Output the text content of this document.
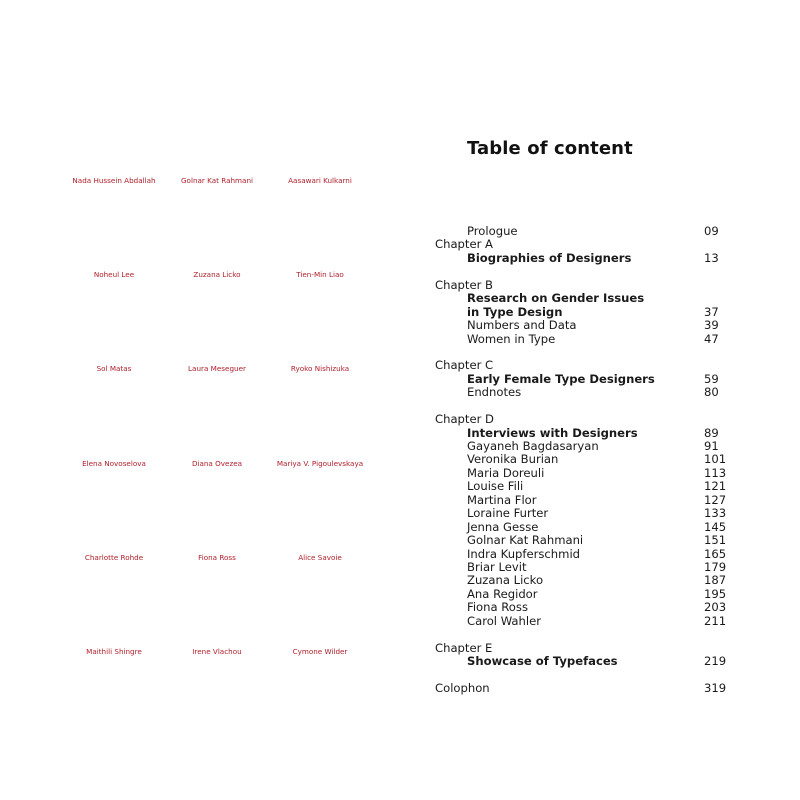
Nada Hussein Abdallah	Golnar Kat Rahmani	Aasawari Kulkarni
Noheul Lee	Zuzana Licko	Tien-Min Liao
Sol Matas	Laura Meseguer	Ryoko Nishizuka
Elena Novoselova	Diana Ovezea	Mariya V. Pigoulevskaya
Charlotte Rohde	Fiona Ross	Alice Savoie
Maithili Shingre	Irene Vlachou	Cymone Wilder
Table of content
Prologue	09
Chapter A
Biographies of Designers	13
Chapter B
Research on Gender Issues
in Type Design	37
Numbers and Data	39
Women in Type	47
Chapter C
Early Female Type Designers	59
Endnotes	80
Chapter D
Interviews with Designers	89
Gayaneh Bagdasaryan	91
Veronika Burian	101
Maria Doreuli	113
Louise Fili	121
Martina Flor	127
Loraine Furter	133
Jenna Gesse	145
Golnar Kat Rahmani	151
Indra Kupferschmid	165
Briar Levit	179
Zuzana Licko	187
Ana Regidor	195
Fiona Ross	203
Carol Wahler	211
Chapter E
Showcase of Typefaces	219
Colophon	319
